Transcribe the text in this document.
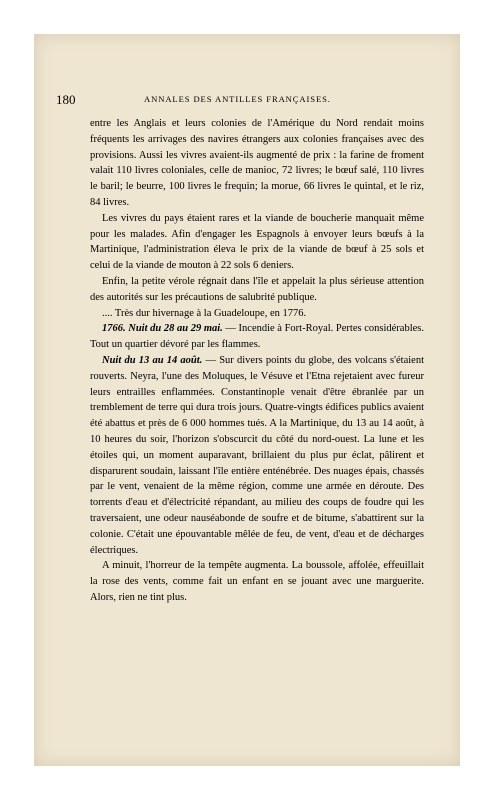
180	ANNALES DES ANTILLES FRANÇAISES.

entre les Anglais et leurs colonies de l'Amérique du Nord rendait moins fréquents les arrivages des navires étrangers aux colonies françaises avec des provisions. Aussi les vivres avaient-ils augmenté de prix : la farine de froment valait 110 livres coloniales, celle de manioc, 72 livres; le bœuf salé, 110 livres le baril; le beurre, 100 livres le frequin; la morue, 66 livres le quintal, et le riz, 84 livres.

Les vivres du pays étaient rares et la viande de boucherie manquait même pour les malades. Afin d'engager les Espagnols à envoyer leurs bœufs à la Martinique, l'administration éleva le prix de la viande de bœuf à 25 sols et celui de la viande de mouton à 22 sols 6 deniers.

Enfin, la petite vérole régnait dans l'île et appelait la plus sérieuse attention des autorités sur les précautions de salubrité publique.

.... Très dur hivernage à la Guadeloupe, en 1776.

1766. Nuit du 28 au 29 mai. — Incendie à Fort-Royal. Pertes considérables. Tout un quartier dévoré par les flammes.

Nuit du 13 au 14 août. — Sur divers points du globe, des volcans s'étaient rouverts. Neyra, l'une des Moluques, le Vésuve et l'Etna rejetaient avec fureur leurs entrailles enflammées. Constantinople venait d'être ébranlée par un tremblement de terre qui dura trois jours. Quatre-vingts édifices publics avaient été abattus et près de 6 000 hommes tués. A la Martinique, du 13 au 14 août, à 10 heures du soir, l'horizon s'obscurcit du côté du nord-ouest. La lune et les étoiles qui, un moment auparavant, brillaient du plus pur éclat, pâlirent et disparurent soudain, laissant l'île entière enténébrée. Des nuages épais, chassés par le vent, venaient de la même région, comme une armée en déroute. Des torrents d'eau et d'électricité répandant, au milieu des coups de foudre qui les traversaient, une odeur nauséabonde de soufre et de bitume, s'abattirent sur la colonie. C'était une épouvantable mêlée de feu, de vent, d'eau et de décharges électriques.

A minuit, l'horreur de la tempête augmenta. La boussole, affolée, effeuillait la rose des vents, comme fait un enfant en se jouant avec une marguerite. Alors, rien ne tint plus.
